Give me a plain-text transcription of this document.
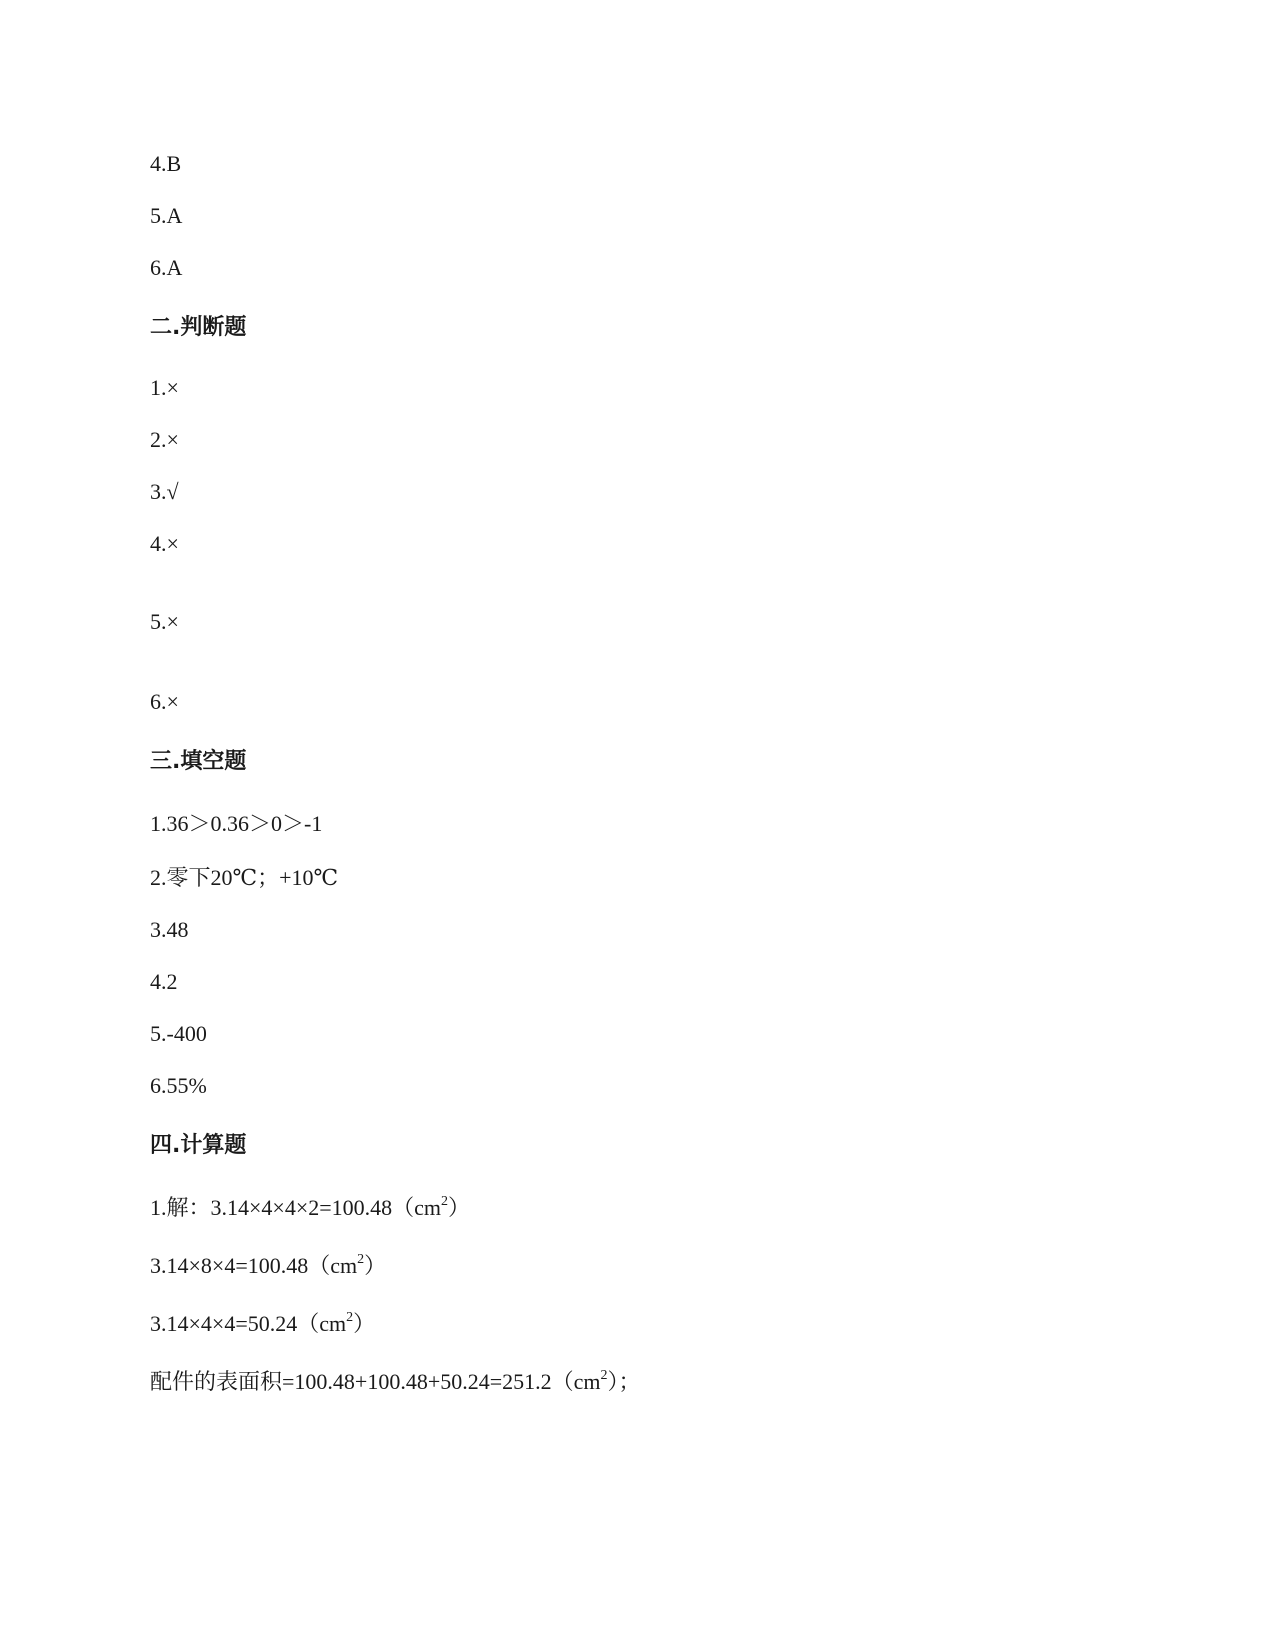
4.B
5.A
6.A
二.判断题
1.×
2.×
3.√
4.×
5.×
6.×
三.填空题
1.36＞0.36＞0＞-1
2.零下20℃；+10℃
3.48
4.2
5.-400
6.55%
四.计算题
1.解：$3.14\times 4\times 4\times 2=100.48(cm^2)$
$3.14\times 8\times 4=100.48(cm^2)$
$3.14\times 4\times 4=50.24(cm^2)$
配件的表面积$=100.48+100.48+50.24=251.2(cm^2)$；
